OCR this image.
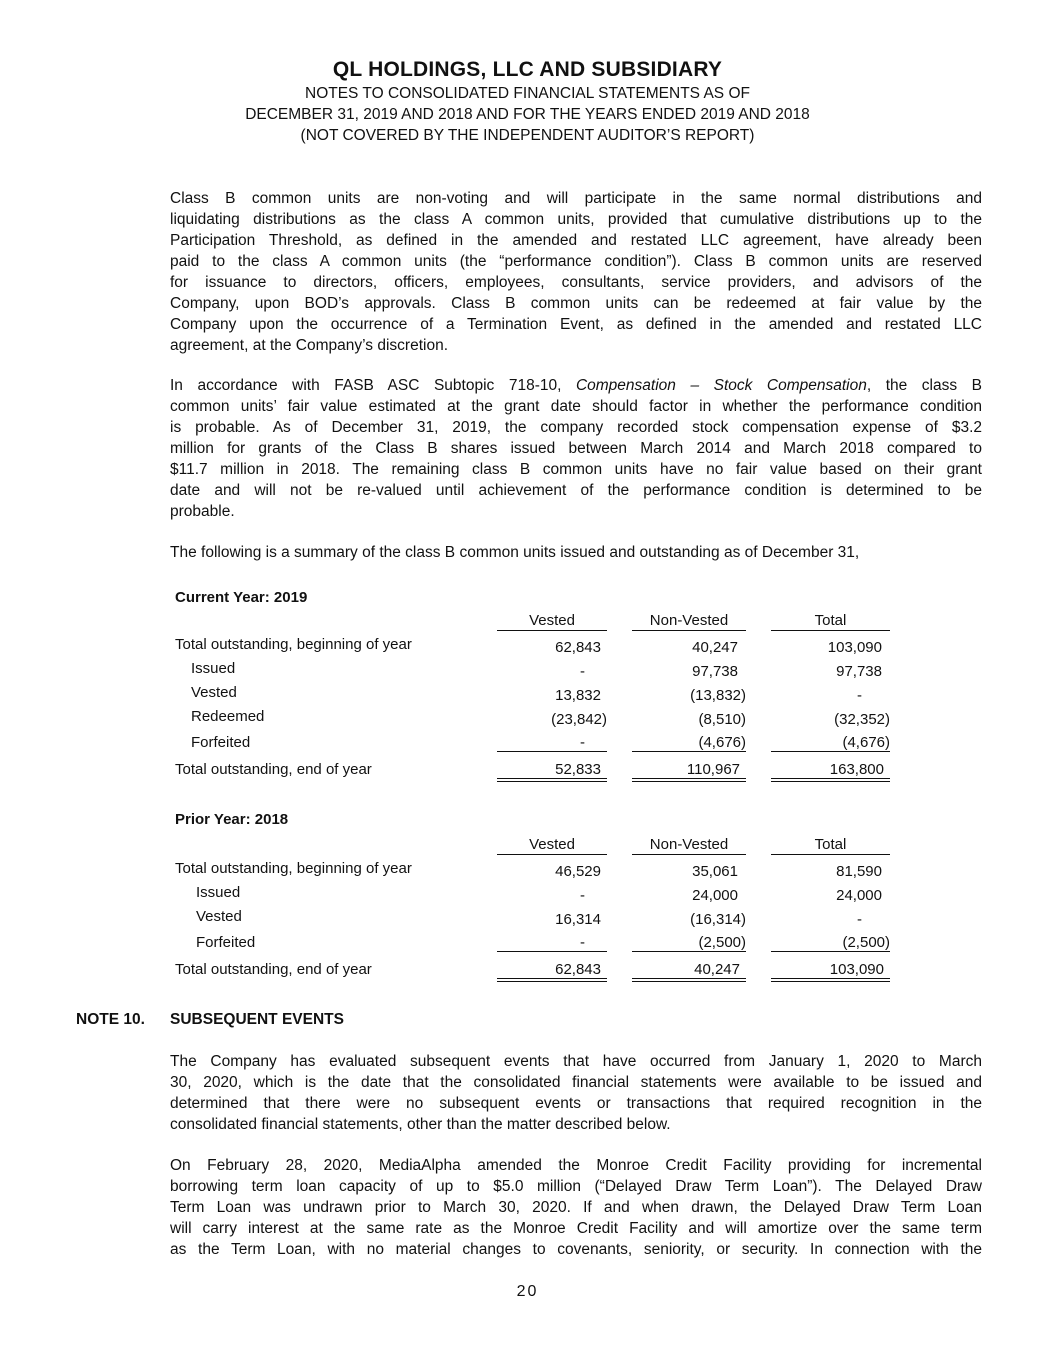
QL HOLDINGS, LLC AND SUBSIDIARY
NOTES TO CONSOLIDATED FINANCIAL STATEMENTS AS OF
DECEMBER 31, 2019 AND 2018 AND FOR THE YEARS ENDED 2019 AND 2018
(NOT COVERED BY THE INDEPENDENT AUDITOR’S REPORT)
Class B common units are non-voting and will participate in the same normal distributions and
liquidating distributions as the class A common units, provided that cumulative distributions up to the
Participation Threshold, as defined in the amended and restated LLC agreement, have already been
paid to the class A common units (the “performance condition”). Class B common units are reserved
for issuance to directors, officers, employees, consultants, service providers, and advisors of the
Company, upon BOD’s approvals. Class B common units can be redeemed at fair value by the
Company upon the occurrence of a Termination Event, as defined in the amended and restated LLC
agreement, at the Company’s discretion.
In accordance with FASB ASC Subtopic 718-10, Compensation – Stock Compensation, the class B
common units’ fair value estimated at the grant date should factor in whether the performance condition
is probable. As of December 31, 2019, the company recorded stock compensation expense of $3.2
million for grants of the Class B shares issued between March 2014 and March 2018 compared to
$11.7 million in 2018. The remaining class B common units have no fair value based on their grant
date and will not be re-valued until achievement of the performance condition is determined to be
probable.
The following is a summary of the class B common units issued and outstanding as of December 31,
Current Year: 2019
Vested	Non-Vested	Total
Total outstanding, beginning of year	62,843	40,247	103,090
Issued	-	97,738	97,738
Vested	13,832	(13,832)	-
Redeemed	(23,842)	(8,510)	(32,352)
Forfeited	-	(4,676)	(4,676)
Total outstanding, end of year	52,833	110,967	163,800
Prior Year: 2018
Vested	Non-Vested	Total
Total outstanding, beginning of year	46,529	35,061	81,590
Issued	-	24,000	24,000
Vested	16,314	(16,314)	-
Forfeited	-	(2,500)	(2,500)
Total outstanding, end of year	62,843	40,247	103,090
NOTE 10. SUBSEQUENT EVENTS
The Company has evaluated subsequent events that have occurred from January 1, 2020 to March
30, 2020, which is the date that the consolidated financial statements were available to be issued and
determined that there were no subsequent events or transactions that required recognition in the
consolidated financial statements, other than the matter described below.
On February 28, 2020, MediaAlpha amended the Monroe Credit Facility providing for incremental
borrowing term loan capacity of up to $5.0 million (“Delayed Draw Term Loan”). The Delayed Draw
Term Loan was undrawn prior to March 30, 2020. If and when drawn, the Delayed Draw Term Loan
will carry interest at the same rate as the Monroe Credit Facility and will amortize over the same term
as the Term Loan, with no material changes to covenants, seniority, or security. In connection with the
20
